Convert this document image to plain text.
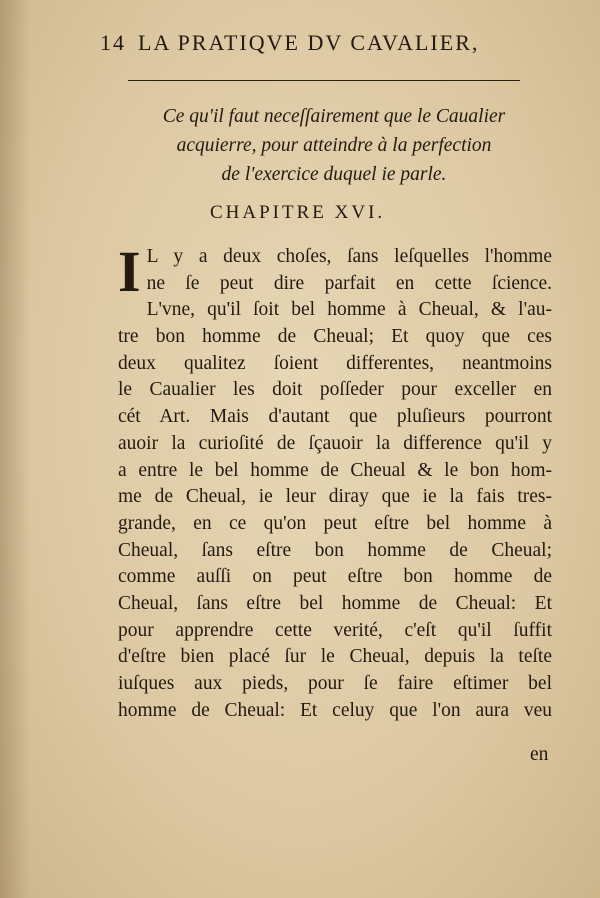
14 LA PRATIQVE DV CAVALIER,
Ce qu'il faut neceſſairement que le Caualier
acquierre, pour atteindre à la perfection
de l'exercice duquel ie parle.
CHAPITRE XVI.
I L y a deux choſes, ſans leſquelles l'homme
ne ſe peut dire parfait en cette ſcience.
L'vne, qu'il ſoit bel homme à Cheual, & l'au-
tre bon homme de Cheual; Et quoy que ces
deux qualitez ſoient differentes, neantmoins
le Caualier les doit poſſeder pour exceller en
cét Art. Mais d'autant que pluſieurs pourront
auoir la curioſité de ſçauoir la difference qu'il y
a entre le bel homme de Cheual & le bon hom-
me de Cheual, ie leur diray que ie la fais tres-
grande, en ce qu'on peut eſtre bel homme à
Cheual, ſans eſtre bon homme de Cheual;
comme auſſi on peut eſtre bon homme de
Cheual, ſans eſtre bel homme de Cheual: Et
pour apprendre cette verité, c'eſt qu'il ſuffit
d'eſtre bien placé ſur le Cheual, depuis la teſte
iuſques aux pieds, pour ſe faire eſtimer bel
homme de Cheual: Et celuy que l'on aura veu
en
